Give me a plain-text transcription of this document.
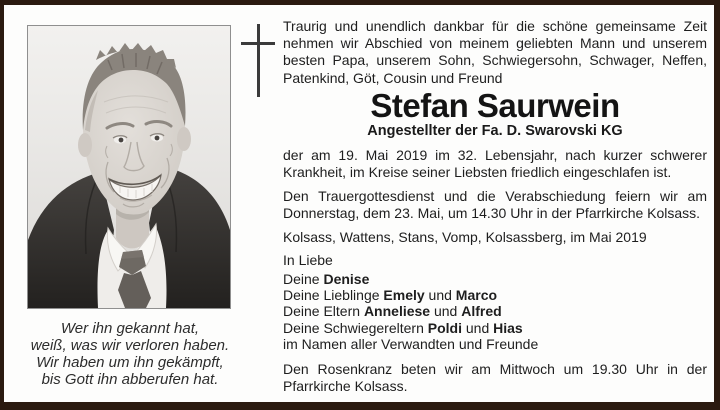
Wer ihn gekannt hat,
weiß, was wir verloren haben.
Wir haben um ihn gekämpft,
bis Gott ihn abberufen hat.

Traurig und unendlich dankbar für die schöne gemeinsame Zeit nehmen wir Abschied von meinem geliebten Mann und unserem besten Papa, unserem Sohn, Schwiegersohn, Schwager, Neffen, Patenkind, Göt, Cousin und Freund

Stefan Saurwein
Angestellter der Fa. D. Swarovski KG

der am 19. Mai 2019 im 32. Lebensjahr, nach kurzer schwerer Krankheit, im Kreise seiner Liebsten friedlich eingeschlafen ist.

Den Trauergottesdienst und die Verabschiedung feiern wir am Donnerstag, dem 23. Mai, um 14.30 Uhr in der Pfarrkirche Kolsass.

Kolsass, Wattens, Stans, Vomp, Kolsassberg, im Mai 2019

In Liebe

Deine Denise

Deine Lieblinge Emely und Marco

Deine Eltern Anneliese und Alfred

Deine Schwiegereltern Poldi und Hias

im Namen aller Verwandten und Freunde

Den Rosenkranz beten wir am Mittwoch um 19.30 Uhr in der Pfarrkirche Kolsass.
